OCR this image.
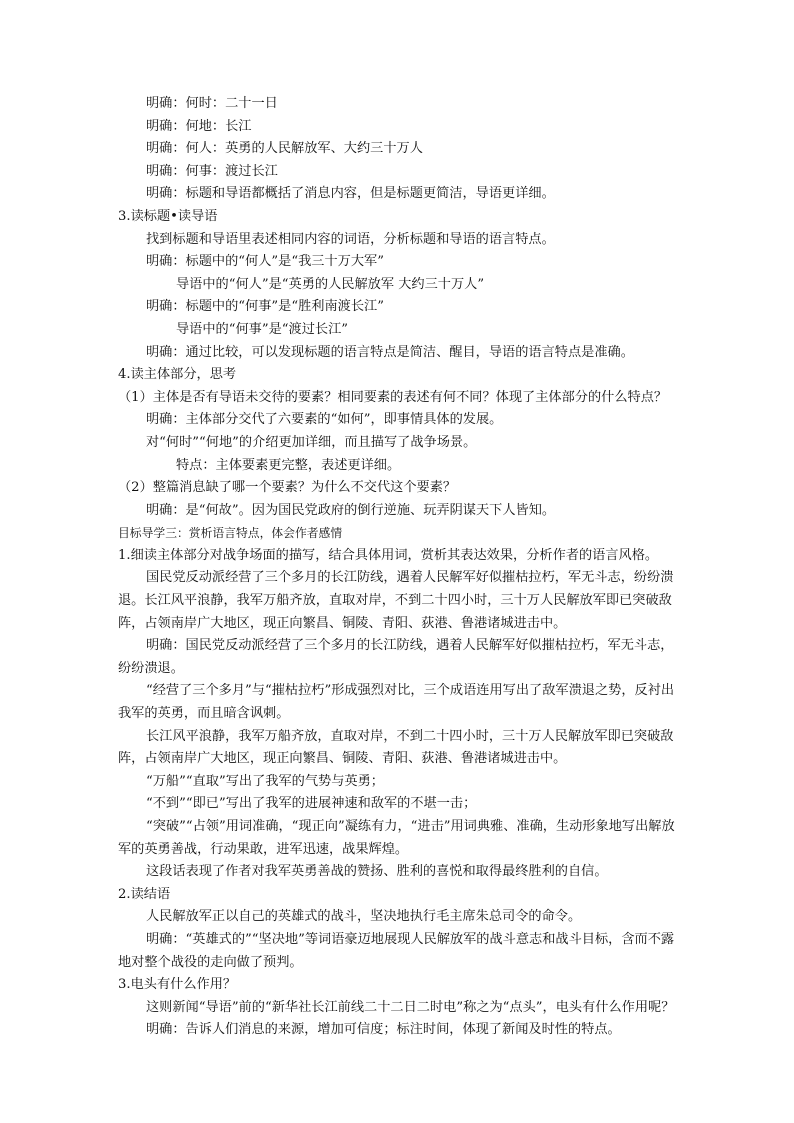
明确：何时：二十一日

明确：何地：长江

明确：何人：英勇的人民解放军、大约三十万人

明确：何事：渡过长江

明确：标题和导语都概括了消息内容，但是标题更简洁，导语更详细。

3.读标题•读导语

找到标题和导语里表述相同内容的词语，分析标题和导语的语言特点。

明确：标题中的“何人”是“我三十万大军”

导语中的“何人”是“英勇的人民解放军 大约三十万人”

明确：标题中的“何事”是“胜利南渡长江”

导语中的“何事”是“渡过长江”

明确：通过比较，可以发现标题的语言特点是简洁、醒目，导语的语言特点是准确。

4.读主体部分，思考

（1）主体是否有导语未交待的要素？相同要素的表述有何不同？体现了主体部分的什么特点？

明确：主体部分交代了六要素的“如何”，即事情具体的发展。

对“何时”“何地”的介绍更加详细，而且描写了战争场景。

特点：主体要素更完整，表述更详细。

（2）整篇消息缺了哪一个要素？为什么不交代这个要素？

明确：是“何故”。因为国民党政府的倒行逆施、玩弄阴谋天下人皆知。

目标导学三：赏析语言特点，体会作者感情

1.细读主体部分对战争场面的描写，结合具体用词，赏析其表达效果，分析作者的语言风格。

国民党反动派经营了三个多月的长江防线，遇着人民解军好似摧枯拉朽，军无斗志，纷纷溃退。长江风平浪静，我军万船齐放，直取对岸，不到二十四小时，三十万人民解放军即已突破敌阵，占领南岸广大地区，现正向繁昌、铜陵、青阳、荻港、鲁港诸城进击中。

明确：国民党反动派经营了三个多月的长江防线，遇着人民解军好似摧枯拉朽，军无斗志，纷纷溃退。

“经营了三个多月”与“摧枯拉朽”形成强烈对比，三个成语连用写出了敌军溃退之势，反衬出我军的英勇，而且暗含讽刺。

长江风平浪静，我军万船齐放，直取对岸，不到二十四小时，三十万人民解放军即已突破敌阵，占领南岸广大地区，现正向繁昌、铜陵、青阳、荻港、鲁港诸城进击中。

“万船”“直取”写出了我军的气势与英勇；

“不到”“即已”写出了我军的进展神速和敌军的不堪一击；

“突破”“占领”用词准确，“现正向”凝练有力，“进击”用词典雅、准确，生动形象地写出解放军的英勇善战，行动果敢，进军迅速，战果辉煌。

这段话表现了作者对我军英勇善战的赞扬、胜利的喜悦和取得最终胜利的自信。

2.读结语

人民解放军正以自己的英雄式的战斗，坚决地执行毛主席朱总司令的命令。

明确：“英雄式的”“坚决地”等词语豪迈地展现人民解放军的战斗意志和战斗目标，含而不露地对整个战役的走向做了预判。

3.电头有什么作用？

这则新闻“导语”前的“新华社长江前线二十二日二时电”称之为“点头”，电头有什么作用呢？

明确：告诉人们消息的来源，增加可信度；标注时间，体现了新闻及时性的特点。
